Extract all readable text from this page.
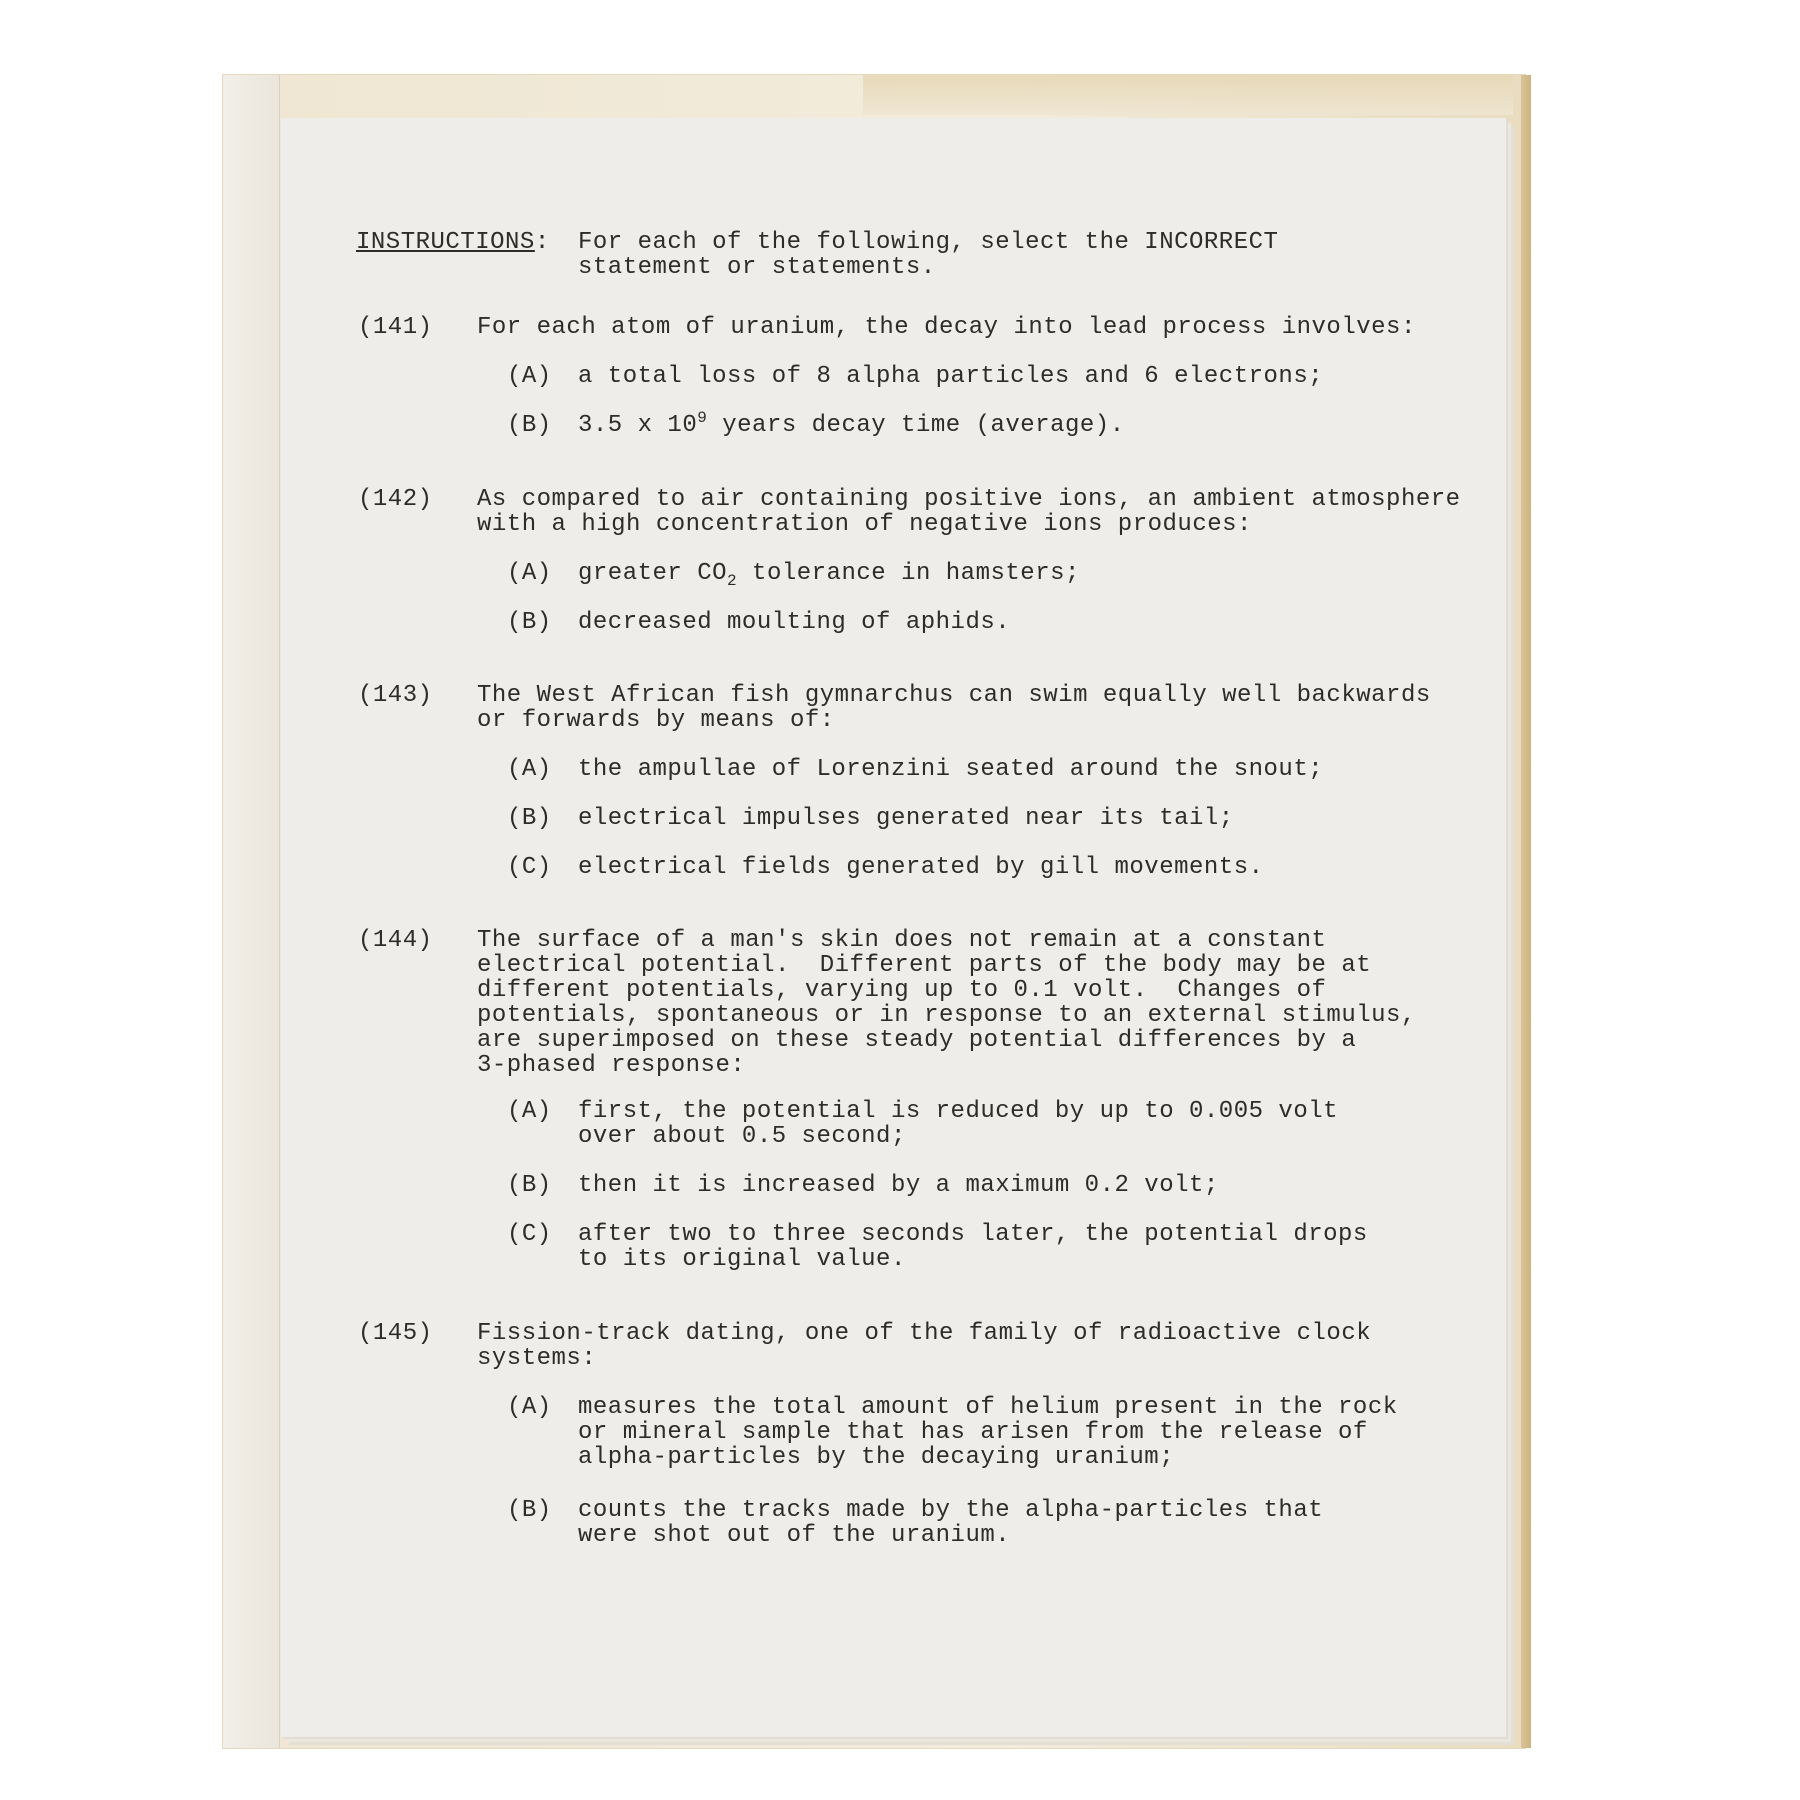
INSTRUCTIONS: For each of the following, select the INCORRECT
statement or statements.
(141) For each atom of uranium, the decay into lead process involves:
(A) a total loss of 8 alpha particles and 6 electrons;
(B) 3.5 x $10^9$ years decay time (average).
(142) As compared to air containing positive ions, an ambient atmosphere
with a high concentration of negative ions produces:
(A) greater $CO_2$ tolerance in hamsters;
(B) decreased moulting of aphids.
(143) The West African fish gymnarchus can swim equally well backwards
or forwards by means of:
(A) the ampullae of Lorenzini seated around the snout;
(B) electrical impulses generated near its tail;
(C) electrical fields generated by gill movements.
(144) The surface of a man's skin does not remain at a constant
electrical potential.  Different parts of the body may be at
different potentials, varying up to 0.1 volt.  Changes of
potentials, spontaneous or in response to an external stimulus,
are superimposed on these steady potential differences by a
3-phased response:
(A) first, the potential is reduced by up to 0.005 volt
over about 0.5 second;
(B) then it is increased by a maximum 0.2 volt;
(C) after two to three seconds later, the potential drops
to its original value.
(145) Fission-track dating, one of the family of radioactive clock
systems:
(A) measures the total amount of helium present in the rock
or mineral sample that has arisen from the release of
alpha-particles by the decaying uranium;
(B) counts the tracks made by the alpha-particles that
were shot out of the uranium.
